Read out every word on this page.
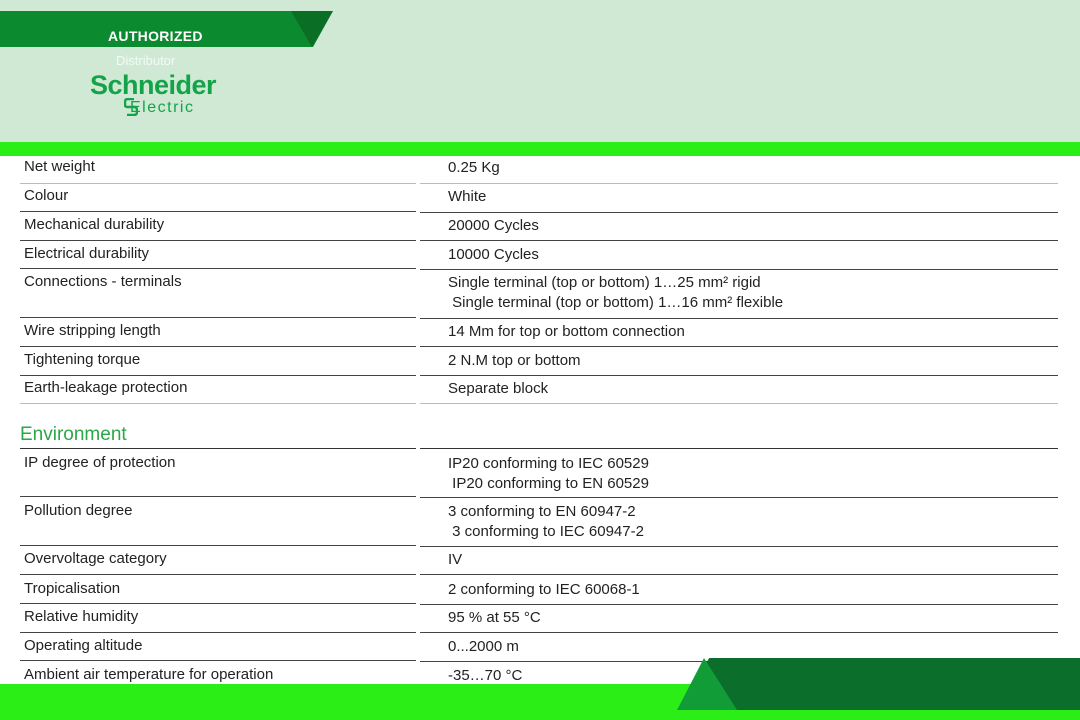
AUTHORIZED
Distributor
Schneider
Electric
Net weight	0.25 Kg
Colour	White
Mechanical durability	20000 Cycles
Electrical durability	10000 Cycles
Connections - terminals	Single terminal (top or bottom) 1…25 mm² rigid
Single terminal (top or bottom) 1…16 mm² flexible
Wire stripping length	14 Mm for top or bottom connection
Tightening torque	2 N.M top or bottom
Earth-leakage protection	Separate block
Environment
IP degree of protection	IP20 conforming to IEC 60529
IP20 conforming to EN 60529
Pollution degree	3 conforming to EN 60947-2
3 conforming to IEC 60947-2
Overvoltage category	IV
Tropicalisation	2 conforming to IEC 60068-1
Relative humidity	95 % at 55 °C
Operating altitude	0...2000 m
Ambient air temperature for operation	-35…70 °C
